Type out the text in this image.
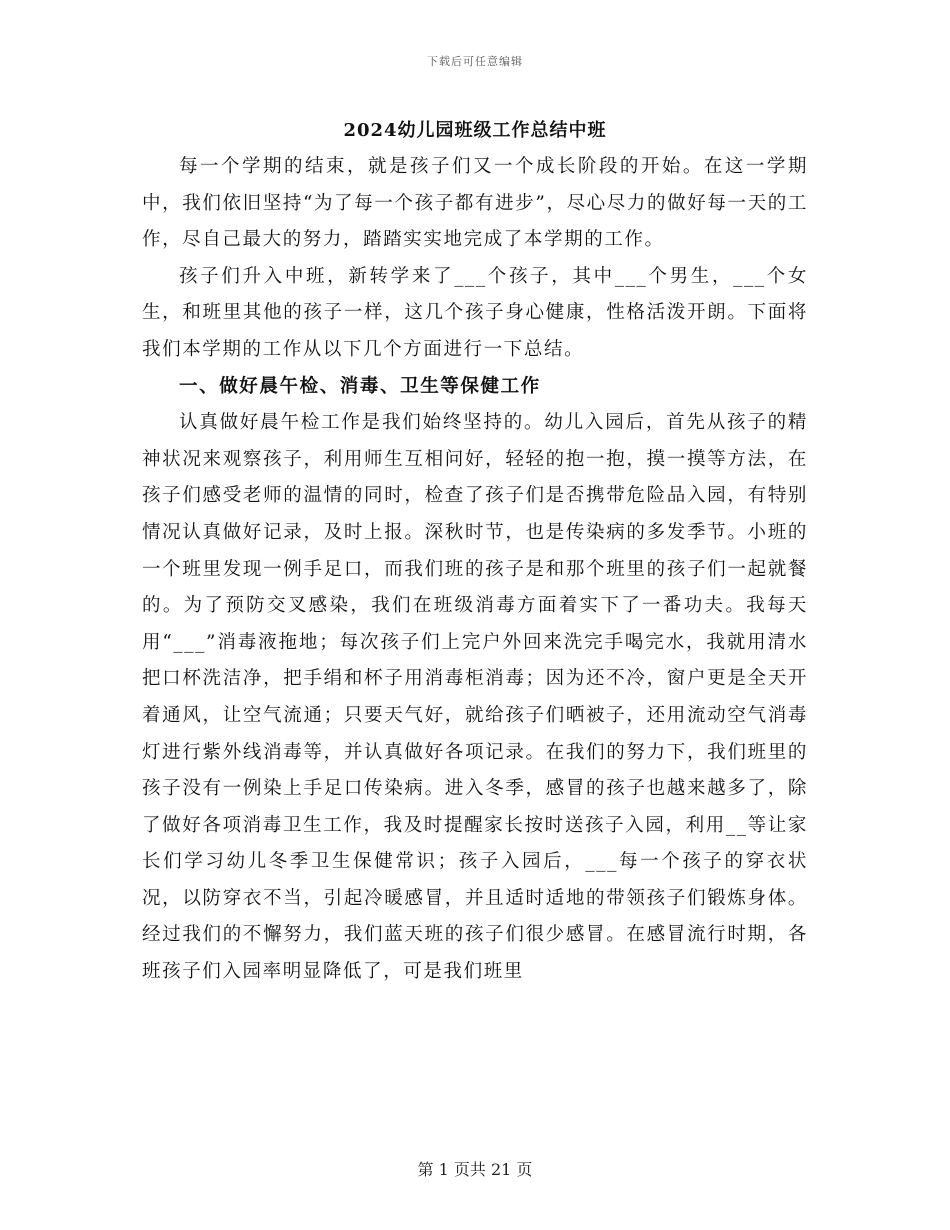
下载后可任意编辑
2024幼儿园班级工作总结中班

每一个学期的结束，就是孩子们又一个成长阶段的开始。在这一学期中，我们依旧坚持“为了每一个孩子都有进步”，尽心尽力的做好每一天的工作，尽自己最大的努力，踏踏实实地完成了本学期的工作。

孩子们升入中班，新转学来了___个孩子，其中___个男生，___个女生，和班里其他的孩子一样，这几个孩子身心健康，性格活泼开朗。下面将我们本学期的工作从以下几个方面进行一下总结。

一、做好晨午检、消毒、卫生等保健工作

认真做好晨午检工作是我们始终坚持的。幼儿入园后，首先从孩子的精神状况来观察孩子，利用师生互相问好，轻轻的抱一抱，摸一摸等方法，在孩子们感受老师的温情的同时，检查了孩子们是否携带危险品入园，有特别情况认真做好记录，及时上报。深秋时节，也是传染病的多发季节。小班的一个班里发现一例手足口，而我们班的孩子是和那个班里的孩子们一起就餐的。为了预防交叉感染，我们在班级消毒方面着实下了一番功夫。我每天用“___”消毒液拖地；每次孩子们上完户外回来洗完手喝完水，我就用清水把口杯洗洁净，把手绢和杯子用消毒柜消毒；因为还不冷，窗户更是全天开着通风，让空气流通；只要天气好，就给孩子们晒被子，还用流动空气消毒灯进行紫外线消毒等，并认真做好各项记录。在我们的努力下，我们班里的孩子没有一例染上手足口传染病。进入冬季，感冒的孩子也越来越多了，除了做好各项消毒卫生工作，我及时提醒家长按时送孩子入园，利用__等让家长们学习幼儿冬季卫生保健常识；孩子入园后，___每一个孩子的穿衣状况，以防穿衣不当，引起冷暖感冒，并且适时适地的带领孩子们锻炼身体。经过我们的不懈努力，我们蓝天班的孩子们很少感冒。在感冒流行时期，各班孩子们入园率明显降低了，可是我们班里

第 1 页共 21 页
